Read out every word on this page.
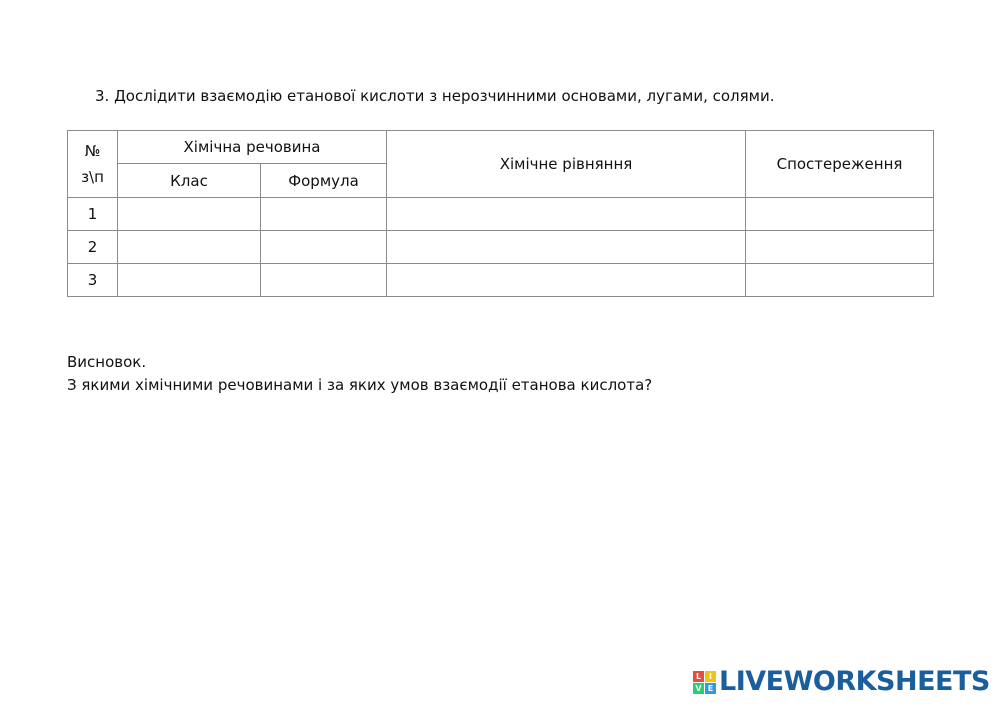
3. Дослідити взаємодію етанової кислоти з нерозчинними основами, лугами, солями.
№
з\п	Хімічна речовина		Хімічне рівняння	Спостереження
	Клас	Формула		
1				
2				
3				
Висновок.
З якими хімічними речовинами і за яких умов взаємодії етанова кислота?
L I
V E LIVEWORKSHEETS
